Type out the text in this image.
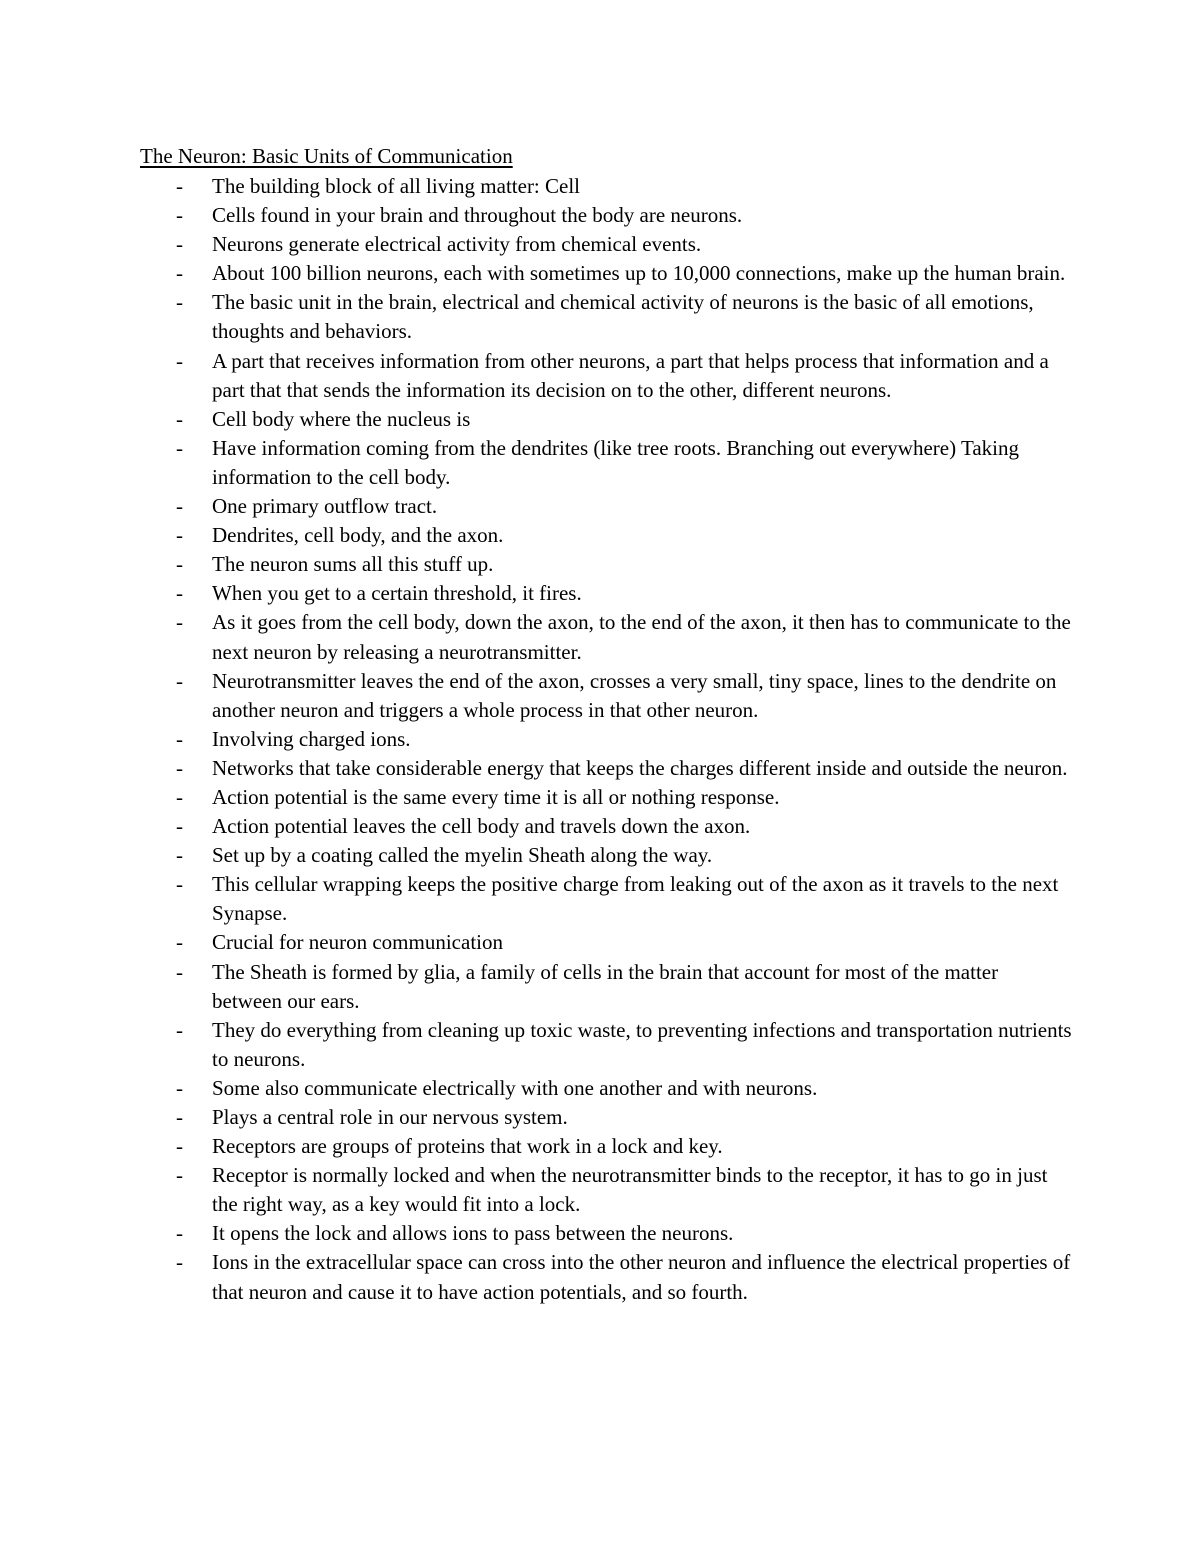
The Neuron: Basic Units of Communication
- The building block of all living matter: Cell
- Cells found in your brain and throughout the body are neurons.
- Neurons generate electrical activity from chemical events.
- About 100 billion neurons, each with sometimes up to 10,000 connections, make up the human brain.
- The basic unit in the brain, electrical and chemical activity of neurons is the basic of all emotions, thoughts and behaviors.
- A part that receives information from other neurons, a part that helps process that information and a part that that sends the information its decision on to the other, different neurons.
- Cell body where the nucleus is
- Have information coming from the dendrites (like tree roots. Branching out everywhere) Taking information to the cell body.
- One primary outflow tract.
- Dendrites, cell body, and the axon.
- The neuron sums all this stuff up.
- When you get to a certain threshold, it fires.
- As it goes from the cell body, down the axon, to the end of the axon, it then has to communicate to the next neuron by releasing a neurotransmitter.
- Neurotransmitter leaves the end of the axon, crosses a very small, tiny space, lines to the dendrite on another neuron and triggers a whole process in that other neuron.
- Involving charged ions.
- Networks that take considerable energy that keeps the charges different inside and outside the neuron.
- Action potential is the same every time it is all or nothing response.
- Action potential leaves the cell body and travels down the axon.
- Set up by a coating called the myelin Sheath along the way.
- This cellular wrapping keeps the positive charge from leaking out of the axon as it travels to the next Synapse.
- Crucial for neuron communication
- The Sheath is formed by glia, a family of cells in the brain that account for most of the matter between our ears.
- They do everything from cleaning up toxic waste, to preventing infections and transportation nutrients to neurons.
- Some also communicate electrically with one another and with neurons.
- Plays a central role in our nervous system.
- Receptors are groups of proteins that work in a lock and key.
- Receptor is normally locked and when the neurotransmitter binds to the receptor, it has to go in just the right way, as a key would fit into a lock.
- It opens the lock and allows ions to pass between the neurons.
- Ions in the extracellular space can cross into the other neuron and influence the electrical properties of that neuron and cause it to have action potentials, and so fourth.
